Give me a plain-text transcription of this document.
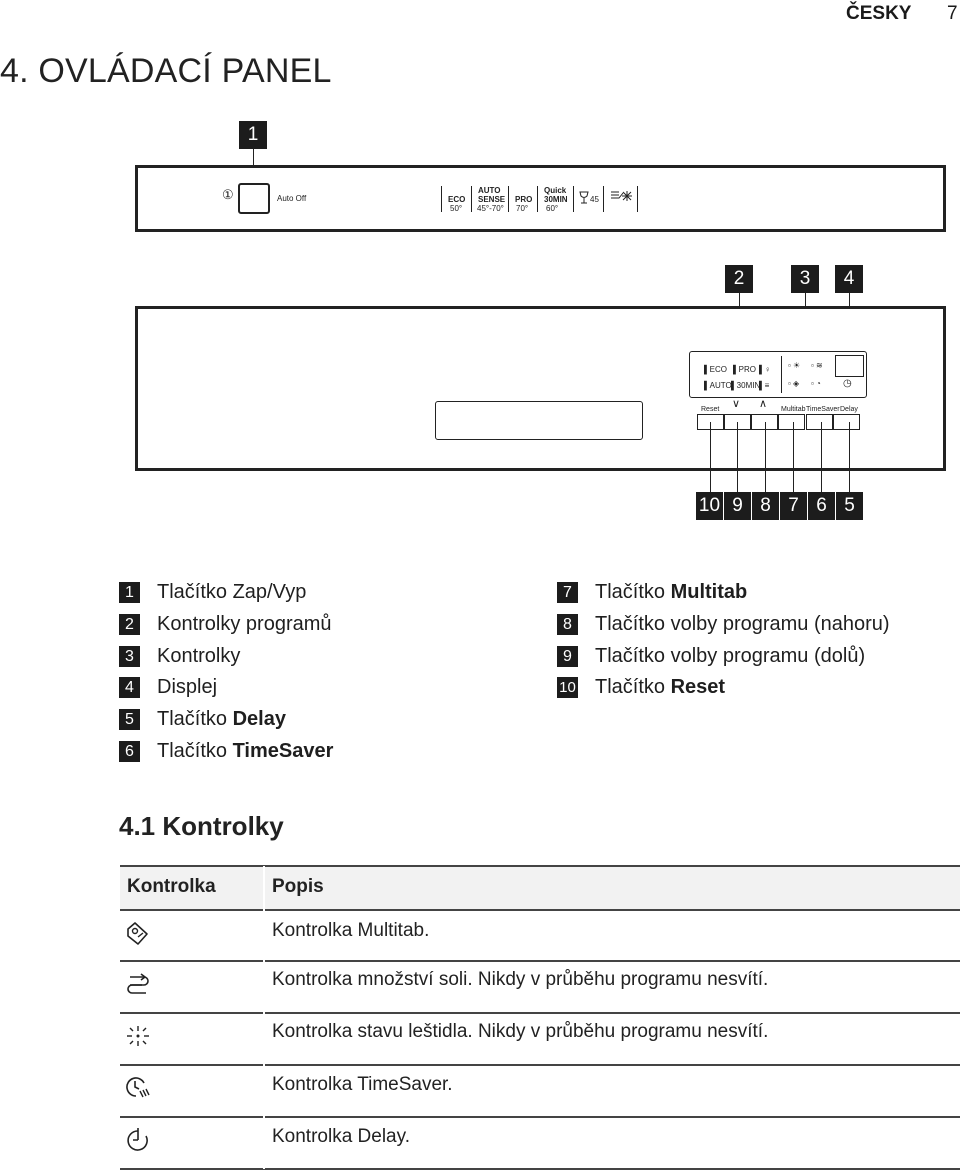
ČESKY 7
4. OVLÁDACÍ PANEL
1
①	Auto Off	ECO
50°
AUTO SENSE
45°-70°
PRO
70°
Quick 30MIN
60°
45
2	3	4
▌ECO ▌PRO ▌♀
▌AUTO ▌30MIN
▌≡
▫ ☀ ▫ ≋
▫ ◈ ▫ ◔ ◷
Reset ∨ ∧ Multitab TimeSaver Delay
10 9 8 7 6 5
1	Tlačítko Zap/Vyp
2	Kontrolky programů
3	Kontrolky
4	Displej
5	Tlačítko Delay
6	Tlačítko TimeSaver
7	Tlačítko Multitab
8	Tlačítko volby programu (nahoru)
9	Tlačítko volby programu (dolů)
10 Tlačítko Reset
4.1 Kontrolky
Kontrolka	Popis
Kontrolka Multitab.
Kontrolka množství soli. Nikdy v průběhu programu nesvítí.
Kontrolka stavu leštidla. Nikdy v průběhu programu nesvítí.
Kontrolka TimeSaver.
Kontrolka Delay.
